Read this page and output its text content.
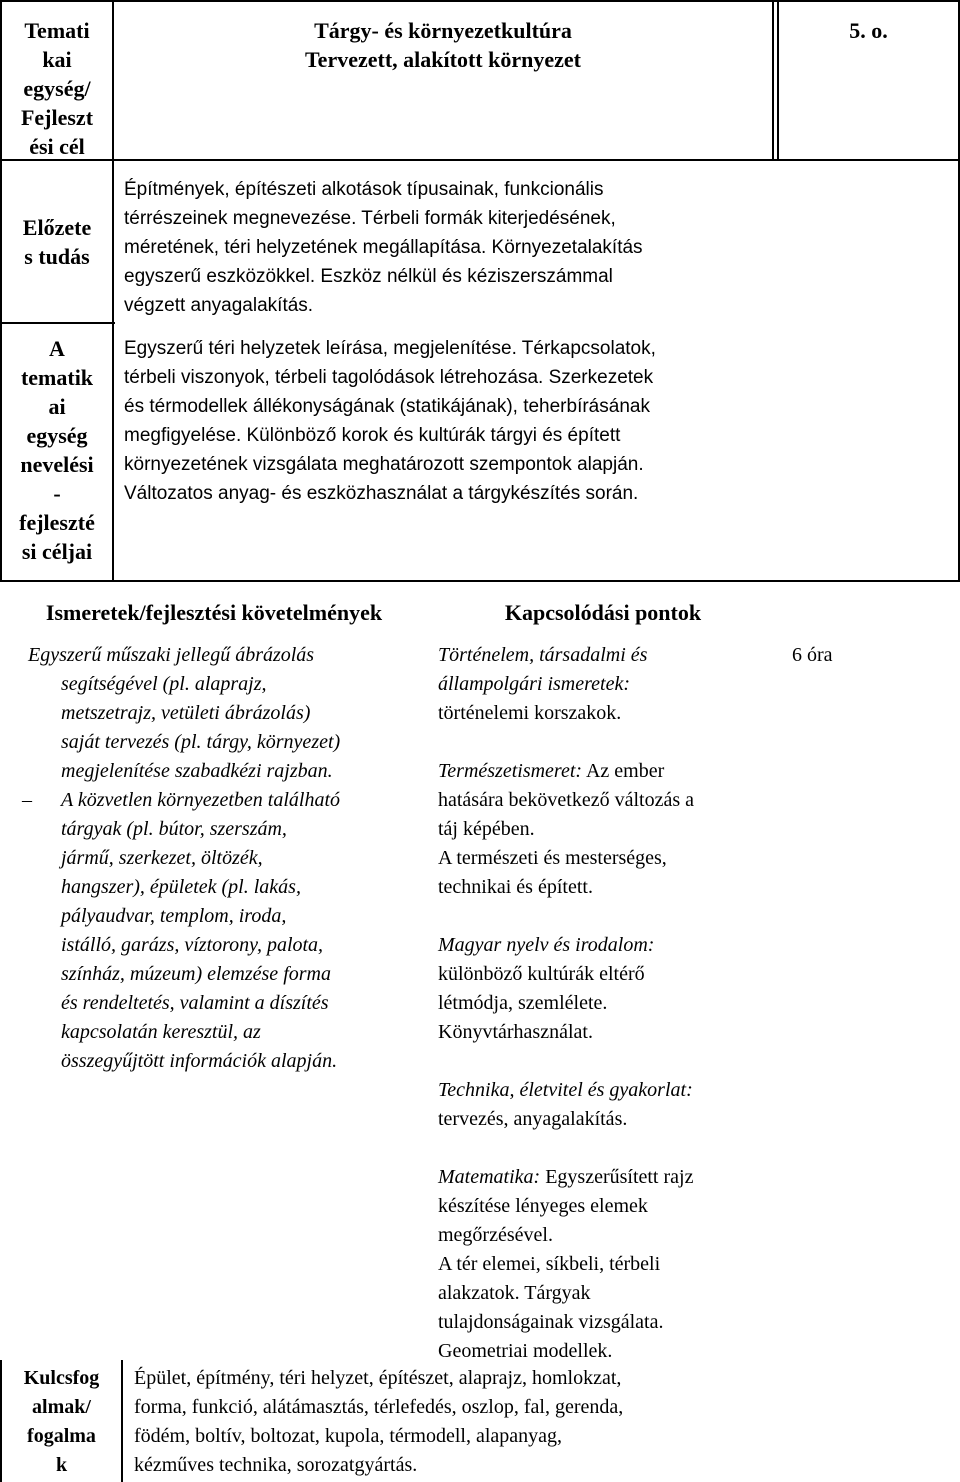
Temati
kai
egység/
Fejleszt
ési cél
Tárgy- és környezetkultúra
Tervezett, alakított környezet
5. o.
Előzete
s tudás
Építmények, építészeti alkotások típusainak, funkcionális
térrészeinek megnevezése. Térbeli formák kiterjedésének,
méretének, téri helyzetének megállapítása. Környezetalakítás
egyszerű eszközökkel. Eszköz nélkül és kéziszerszámmal
végzett anyagalakítás.
A
tematik
ai
egység
nevelési
-
fejleszté
si céljai
Egyszerű téri helyzetek leírása, megjelenítése. Térkapcsolatok,
térbeli viszonyok, térbeli tagolódások létrehozása. Szerkezetek
és térmodellek állékonyságának (statikájának), teherbírásának
megfigyelése. Különböző korok és kultúrák tárgyi és épített
környezetének vizsgálata meghatározott szempontok alapján.
Változatos anyag- és eszközhasználat a tárgykészítés során.
Ismeretek/fejlesztési követelmények	Kapcsolódási pontok

Egyszerű műszaki jellegű ábrázolás

segítségével (pl. alaprajz,

metszetrajz, vetületi ábrázolás)

saját tervezés (pl. tárgy, környezet)

megjelenítése szabadkézi rajzban.

– A közvetlen környezetben található

tárgyak (pl. bútor, szerszám,

jármű, szerkezet, öltözék,

hangszer), épületek (pl. lakás,

pályaudvar, templom, iroda,

istálló, garázs, víztorony, palota,

színház, múzeum) elemzése forma

és rendeltetés, valamint a díszítés

kapcsolatán keresztül, az

összegyűjtött információk alapján.

Történelem, társadalmi és

állampolgári ismeretek:

történelemi korszakok.

Természetismeret: Az ember

hatására bekövetkező változás a

táj képében.

A természeti és mesterséges,

technikai és épített.

Magyar nyelv és irodalom:

különböző kultúrák eltérő

létmódja, szemlélete.

Könyvtárhasználat.

Technika, életvitel és gyakorlat:

tervezés, anyagalakítás.

Matematika: Egyszerűsített rajz

készítése lényeges elemek

megőrzésével.

A tér elemei, síkbeli, térbeli

alakzatok. Tárgyak

tulajdonságainak vizsgálata.

Geometriai modellek.

6 óra
Kulcsfog
almak/
fogalma
k
Épület, építmény, téri helyzet, építészet, alaprajz, homlokzat,
forma, funkció, alátámasztás, térlefedés, oszlop, fal, gerenda,
födém, boltív, boltozat, kupola, térmodell, alapanyag,
kézműves technika, sorozatgyártás.
